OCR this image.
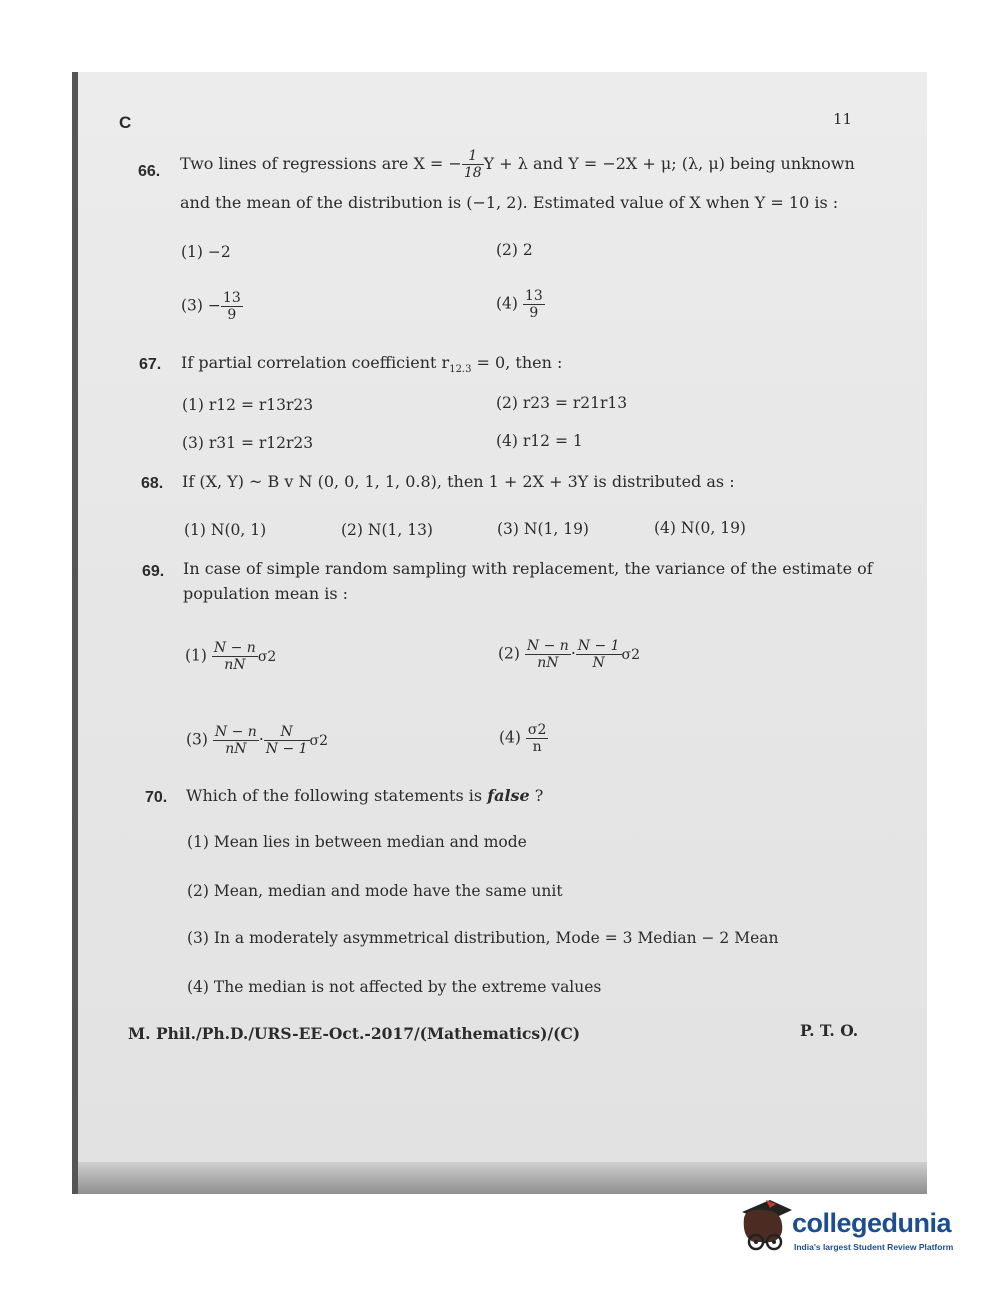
C	11
66. Two lines of regressions are X = − $\frac{1}{18}$ Y + λ and Y = −2X + μ; (λ, μ) being unknown
and the mean of the distribution is (−1, 2). Estimated value of X when Y = 10 is :
(1) −2	(2) 2
$(3) - \frac{13}{9}$	$(4) \frac{13}{9}$
67. If partial correlation coefficient $r_{12.3} = 0$, then :
(1) r12 = r13r23	(2) r23 = r21r13
(3) r31 = r12r23	(4) r12 = 1
68. If (X, Y) ~ B v N (0, 0, 1, 1, 0.8), then 1 + 2X + 3Y is distributed as :
(1) N(0, 1)	(2) N(1, 13)	(3) N(1, 19)	(4) N(0, 19)
69. In case of simple random sampling with replacement, the variance of the estimate of
population mean is :
$(1) \frac{N - n}{nN} \sigma 2$	$(2) \frac{N - n}{nN} \cdot \frac{N - 1}{N} \sigma 2$
$(3) \frac{N - n}{nN} \cdot \frac{N}{N - 1} \sigma 2$	$(4) \frac{\sigma 2}{n}$
70. Which of the following statements is false ?
(1) Mean lies in between median and mode
(2) Mean, median and mode have the same unit
(3) In a moderately asymmetrical distribution, Mode = 3 Median − 2 Mean
(4) The median is not affected by the extreme values
M. Phil./Ph.D./URS-EE-Oct.-2017/(Mathematics)/(C)	P. T. O.
collegedunia
India's largest Student Review Platform
